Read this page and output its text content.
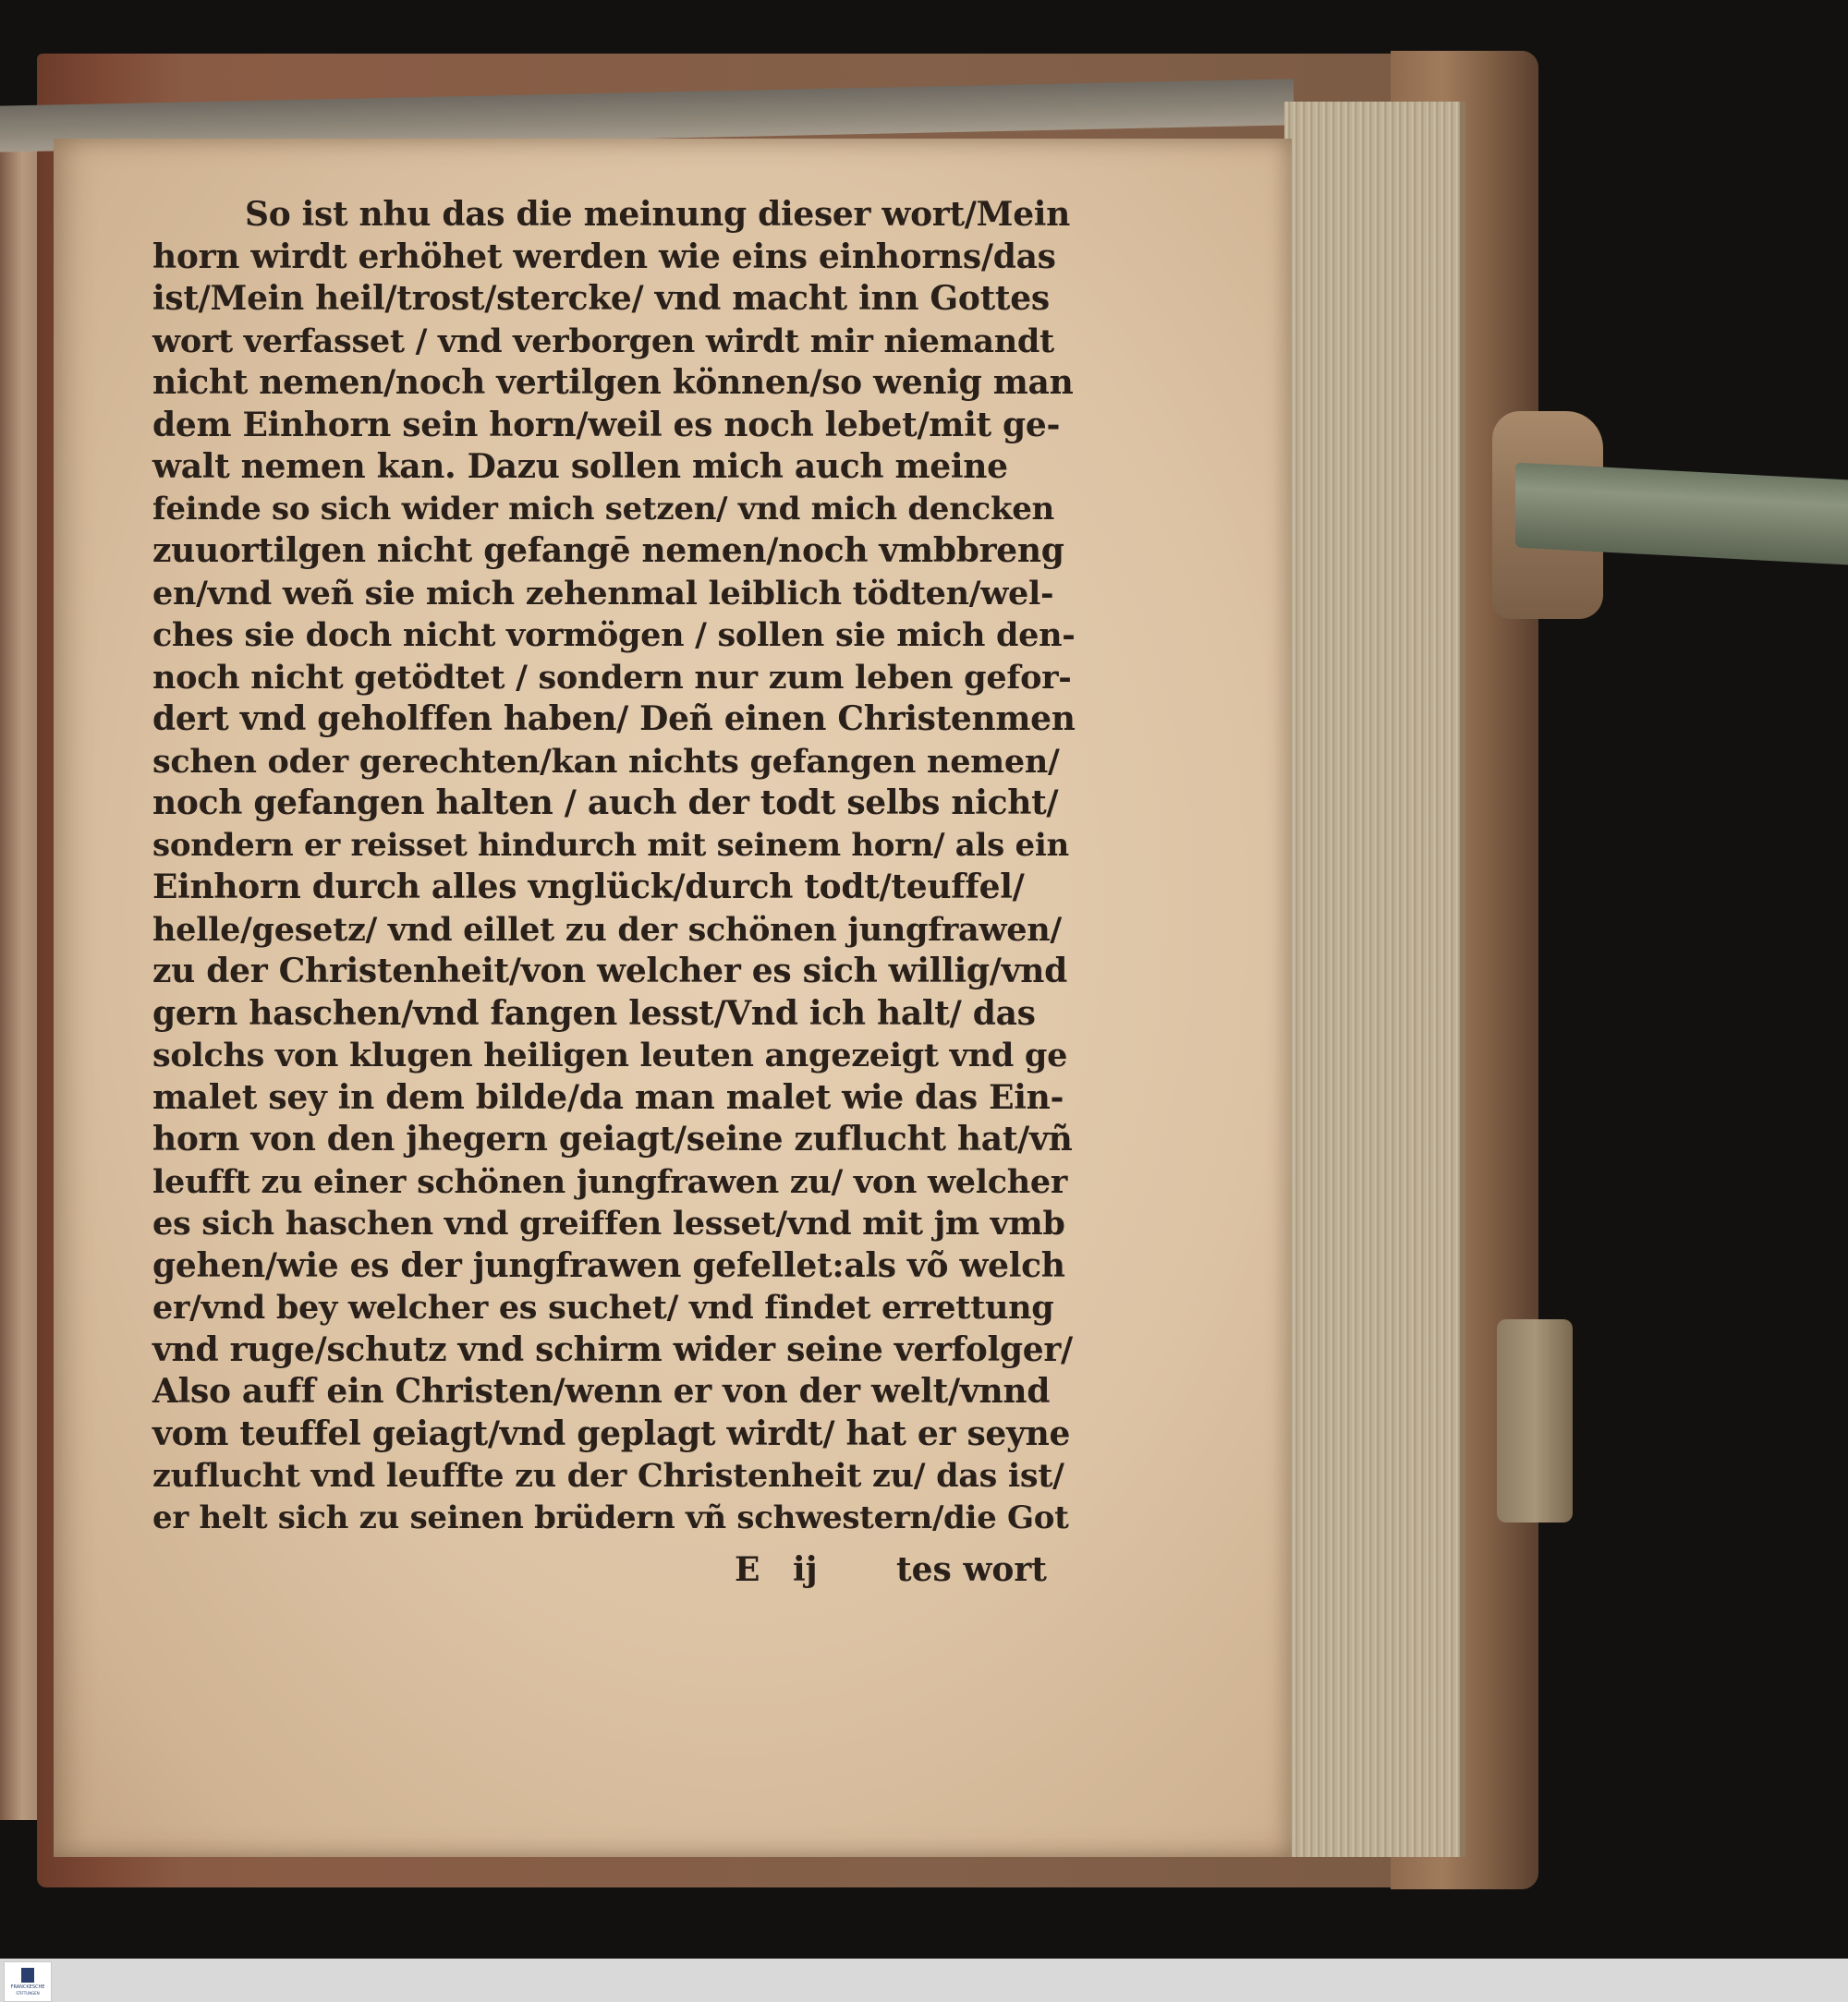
So ist nhu das die meinung dieser wort/Mein
horn wirdt erhöhet werden wie eins einhorns/das
ist/Mein heil/trost/stercke/ vnd macht inn Gottes
wort verfasset / vnd verborgen wirdt mir niemandt
nicht nemen/noch vertilgen können/so wenig man
dem Einhorn sein horn/weil es noch lebet/mit ge-
walt nemen kan. Dazu sollen mich auch meine
feinde so sich wider mich setzen/ vnd mich dencken
zuuortilgen nicht gefangē nemen/noch vmbbreng
en/vnd weñ sie mich zehenmal leiblich tödten/wel-
ches sie doch nicht vormögen / sollen sie mich den-
noch nicht getödtet / sondern nur zum leben gefor-
dert vnd geholffen haben/ Deñ einen Christenmen
schen oder gerechten/kan nichts gefangen nemen/
noch gefangen halten / auch der todt selbs nicht/
sondern er reisset hindurch mit seinem horn/ als ein
Einhorn durch alles vnglück/durch todt/teuffel/
helle/gesetz/ vnd eillet zu der schönen jungfrawen/
zu der Christenheit/von welcher es sich willig/vnd
gern haschen/vnd fangen lesst/Vnd ich halt/ das
solchs von klugen heiligen leuten angezeigt vnd ge
malet sey in dem bilde/da man malet wie das Ein-
horn von den jhegern geiagt/seine zuflucht hat/vñ
leufft zu einer schönen jungfrawen zu/ von welcher
es sich haschen vnd greiffen lesset/vnd mit jm vmb
gehen/wie es der jungfrawen gefellet:als võ welch
er/vnd bey welcher es suchet/ vnd findet errettung
vnd ruge/schutz vnd schirm wider seine verfolger/
Also auff ein Christen/wenn er von der welt/vnnd
vom teuffel geiagt/vnd geplagt wirdt/ hat er seyne
zuflucht vnd leuffte zu der Christenheit zu/ das ist/
er helt sich zu seinen brüdern vñ schwestern/die Got
E ij tes wort
FRANCKESCHE
STIFTUNGEN
